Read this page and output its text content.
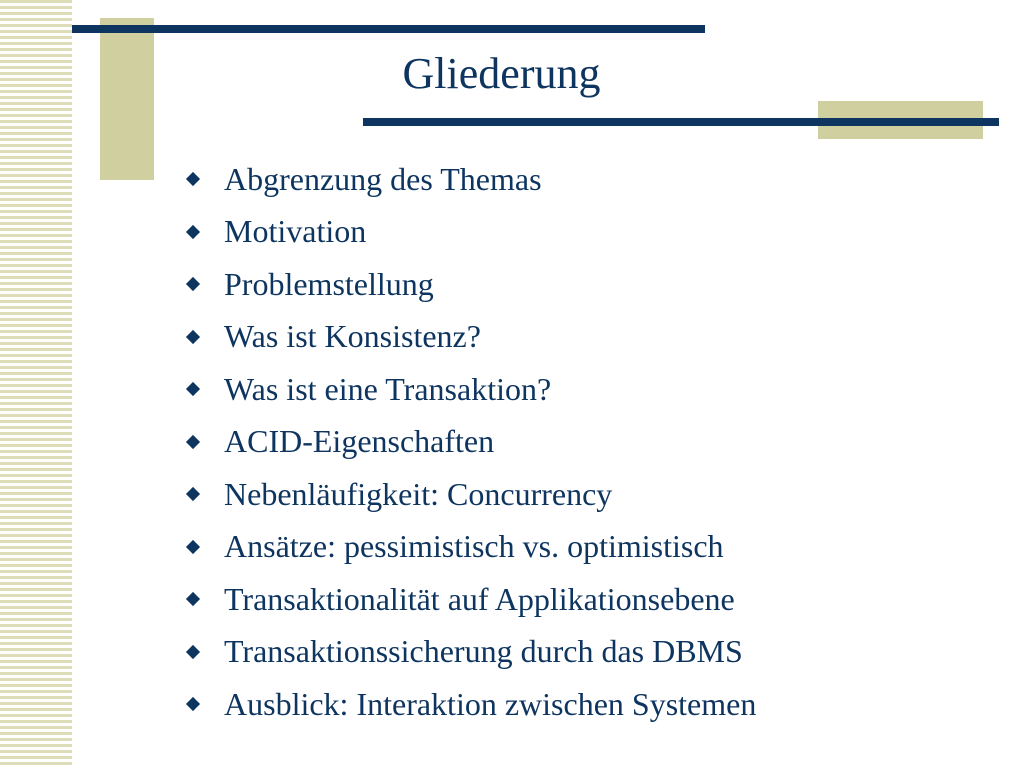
Gliederung
Abgrenzung des Themas
Motivation
Problemstellung
Was ist Konsistenz?
Was ist eine Transaktion?
ACID-Eigenschaften
Nebenläufigkeit: Concurrency
Ansätze: pessimistisch vs. optimistisch
Transaktionalität auf Applikationsebene
Transaktionssicherung durch das DBMS
Ausblick: Interaktion zwischen Systemen
